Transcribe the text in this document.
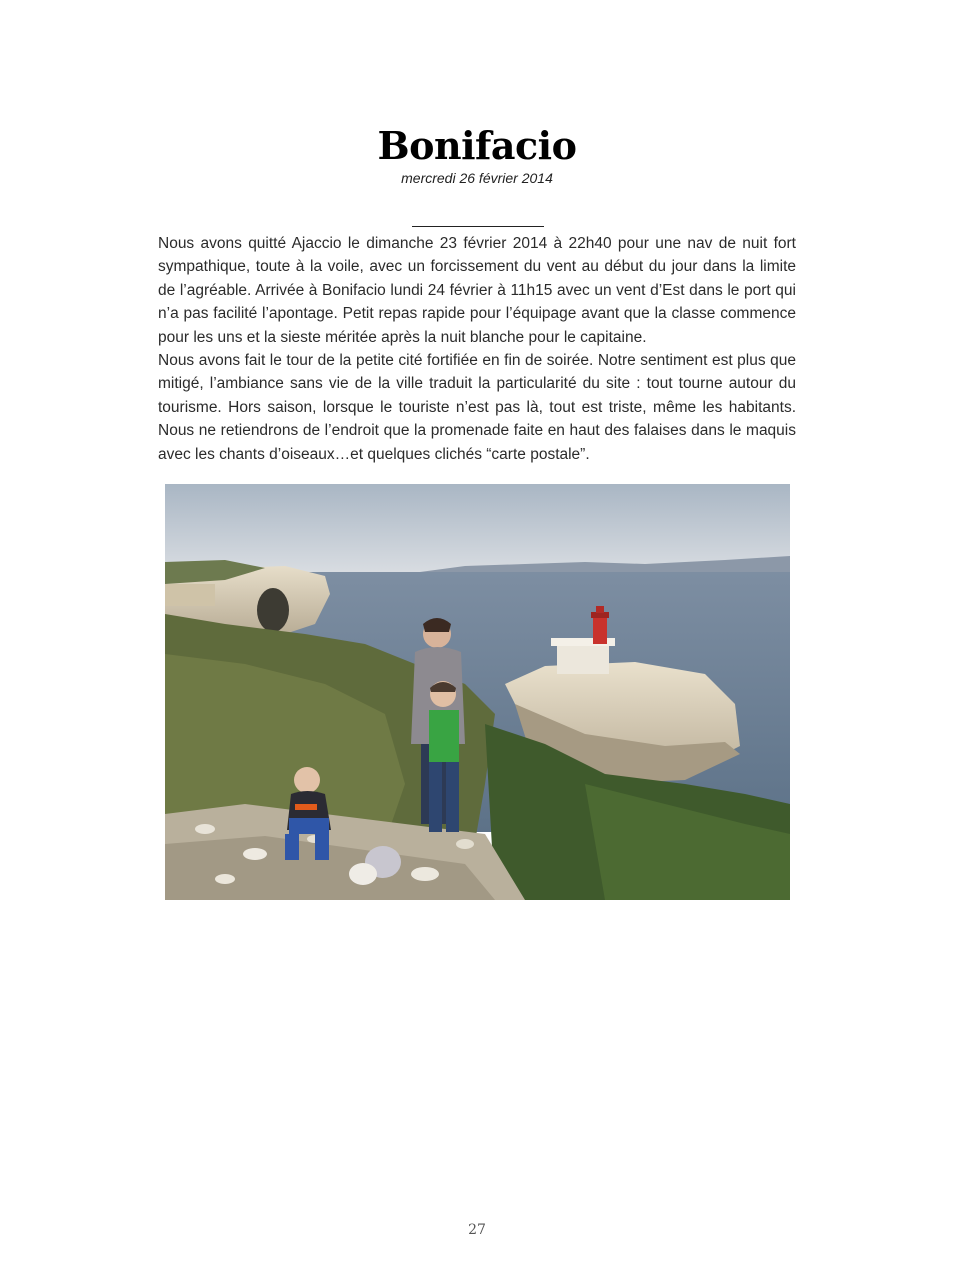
Bonifacio
mercredi 26 février 2014

Nous avons quitté Ajaccio le dimanche 23 février 2014 à 22h40 pour une nav de nuit fort sympathique, toute à la voile, avec un forcissement du vent au début du jour dans la limite de l’agréable. Arrivée à Bonifacio lundi 24 février à 11h15 avec un vent d’Est dans le port qui n’a pas facilité l’apontage. Petit repas rapide pour l’équipage avant que la classe commence pour les uns et la sieste méritée après la nuit blanche pour le capitaine.

Nous avons fait le tour de la petite cité fortifiée en fin de soirée. Notre sentiment est plus que mitigé, l’ambiance sans vie de la ville traduit la particularité du site : tout tourne autour du tourisme. Hors saison, lorsque le touriste n’est pas là, tout est triste, même les habitants. Nous ne retiendrons de l’endroit que la promenade faite en haut des falaises dans le maquis avec les chants d’oiseaux…et quelques clichés “carte postale”.

27
